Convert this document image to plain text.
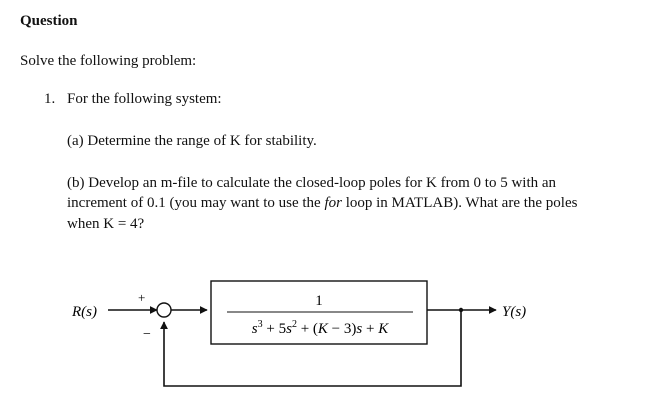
Question
Solve the following problem:
1. For the following system:
(a) Determine the range of K for stability.
(b) Develop an m-file to calculate the closed-loop poles for K from 0 to 5 with an
increment of 0.1 (you may want to use the for loop in MATLAB). What are the poles
when K = 4?
R(s)	Y(s)
+
−
1
$s^3 + 5s^2 + (K - 3)s + K$
